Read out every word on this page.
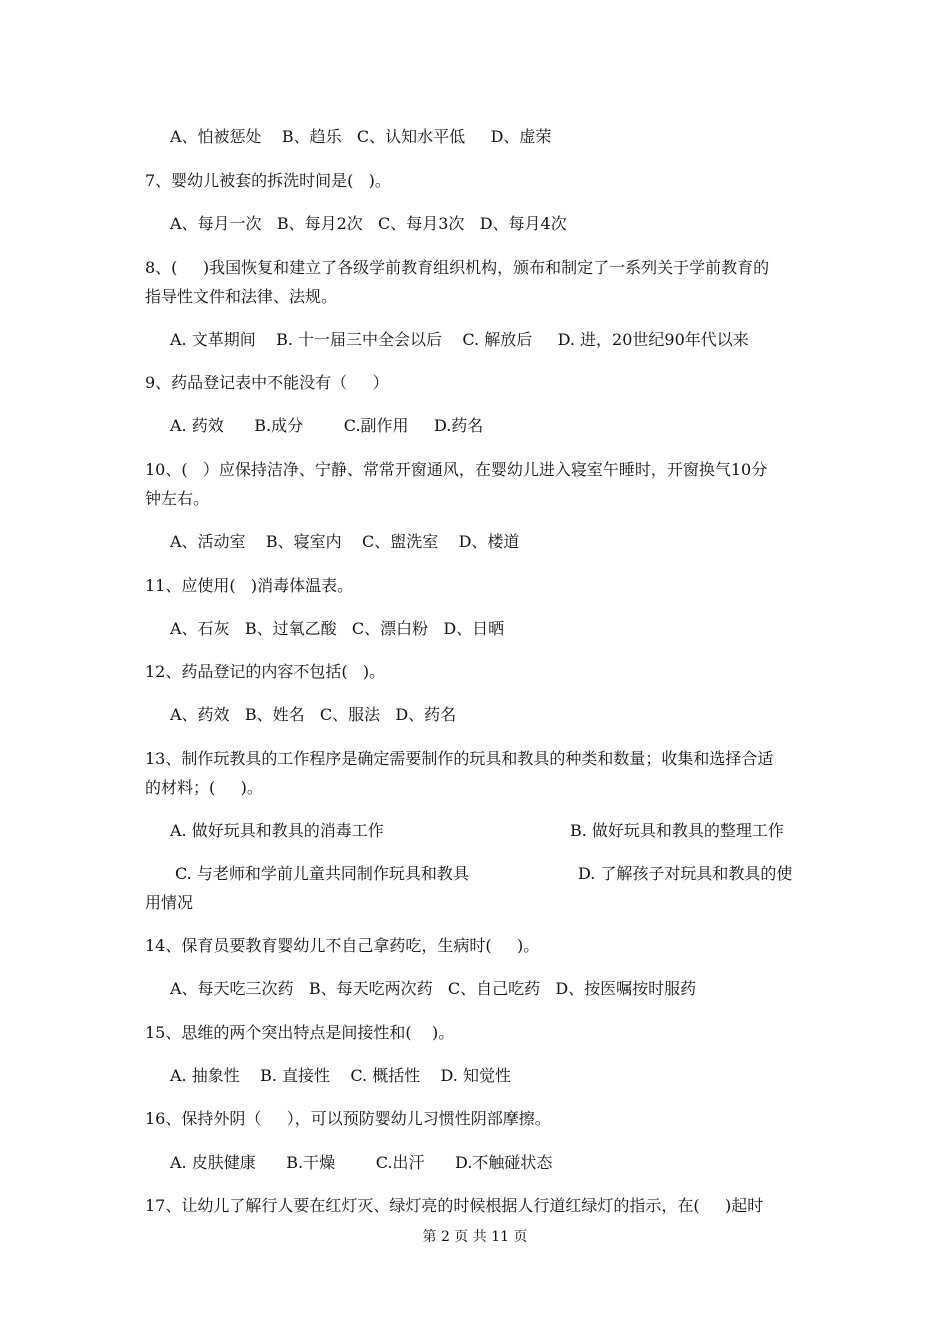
A、怕被惩处    B、趋乐   C、认知水平低     D、虚荣
7、婴幼儿被套的拆洗时间是(   )。
A、每月一次   B、每月2次   C、每月3次   D、每月4次
8、(     )我国恢复和建立了各级学前教育组织机构，颁布和制定了一系列关于学前教育的
指导性文件和法律、法规。
A. 文革期间    B. 十一届三中全会以后    C. 解放后     D. 进，20世纪90年代以来
9、药品登记表中不能没有（     ）
A. 药效      B.成分        C.副作用     D.药名
10、(   ）应保持洁净、宁静、常常开窗通风，在婴幼儿进入寝室午睡时，开窗换气10分
钟左右。
A、活动室    B、寝室内    C、盥洗室    D、楼道
11、应使用(   )消毒体温表。
A、石灰   B、过氧乙酸   C、漂白粉   D、日晒
12、药品登记的内容不包括(   )。
A、药效   B、姓名   C、服法   D、药名
13、制作玩教具的工作程序是确定需要制作的玩具和教具的种类和数量；收集和选择合适
的材料；(     )。
A. 做好玩具和教具的消毒工作	B. 做好玩具和教具的整理工作
C. 与老师和学前儿童共同制作玩具和教具	D. 了解孩子对玩具和教具的使
用情况
14、保育员要教育婴幼儿不自己拿药吃，生病时(     )。
A、每天吃三次药   B、每天吃两次药   C、自己吃药   D、按医嘱按时服药
15、思维的两个突出特点是间接性和(    )。
A. 抽象性    B. 直接性    C. 概括性    D. 知觉性
16、保持外阴（     ），可以预防婴幼儿习惯性阴部摩擦。
A. 皮肤健康      B.干燥        C.出汗      D.不触碰状态
17、让幼儿了解行人要在红灯灭、绿灯亮的时候根据人行道红绿灯的指示，在(     )起时
第 2 页 共 11 页
